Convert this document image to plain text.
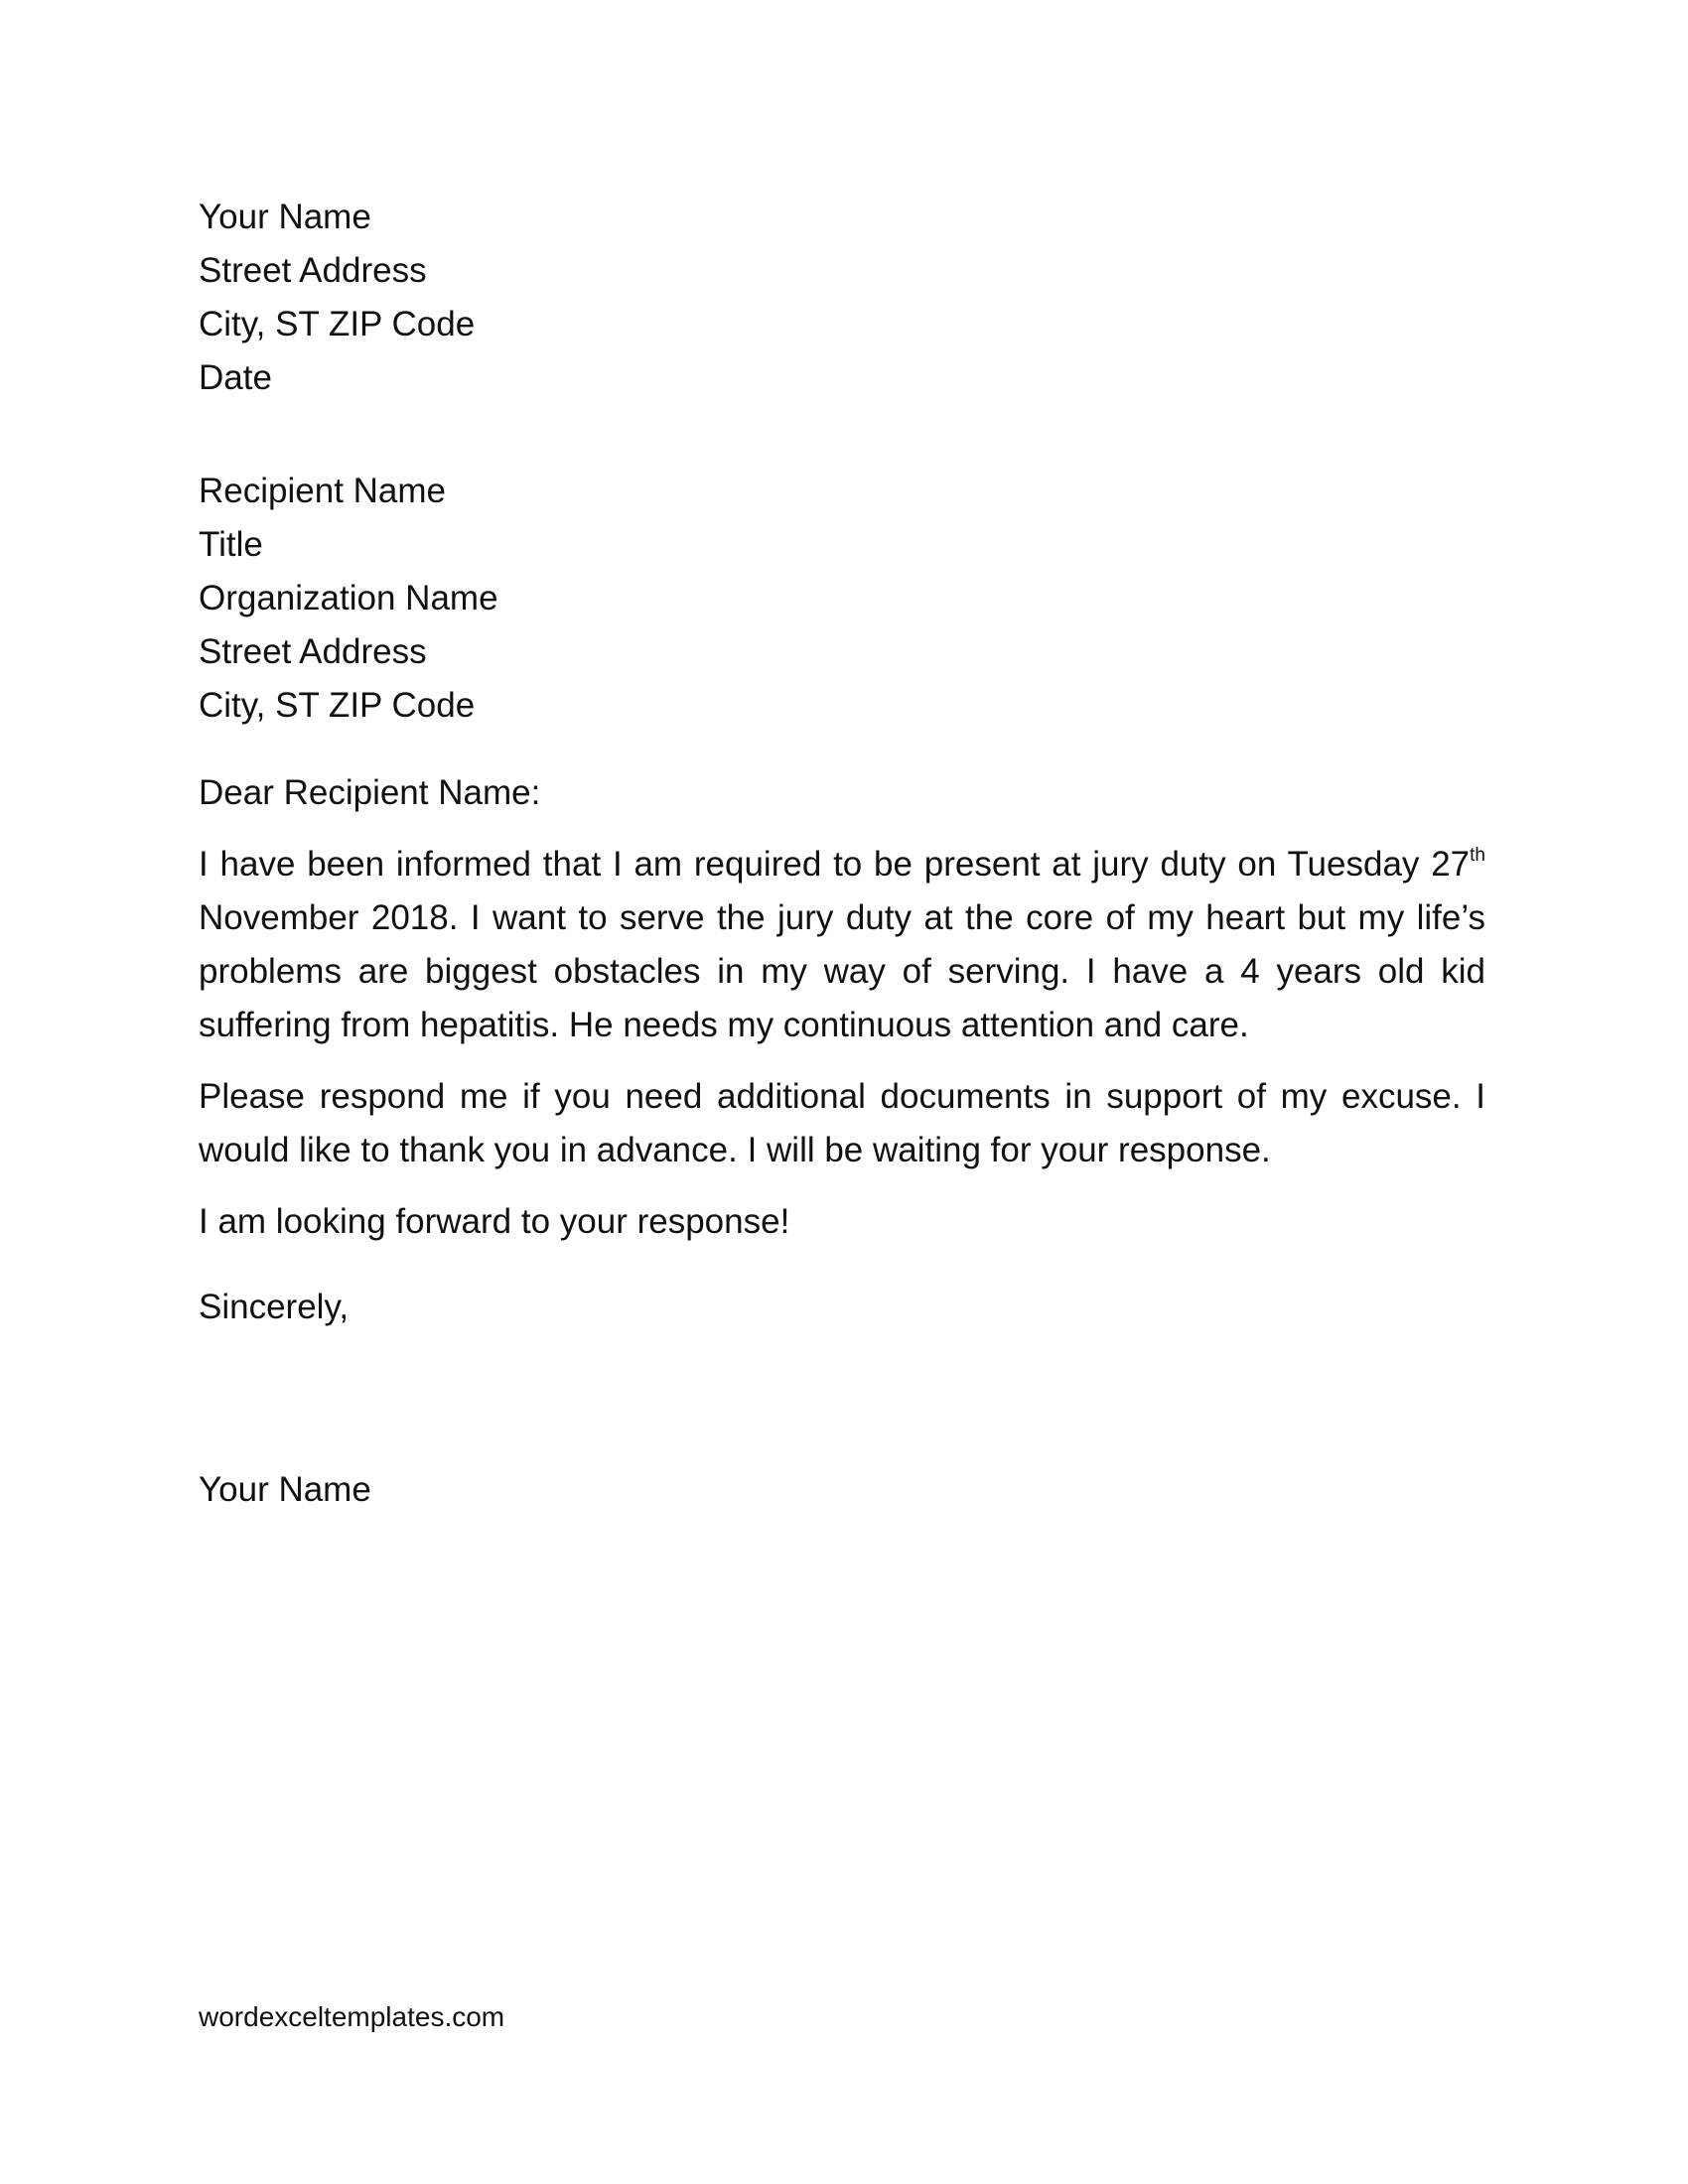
Your Name
Street Address
City, ST ZIP Code
Date
Recipient Name
Title
Organization Name
Street Address
City, ST ZIP Code
Dear Recipient Name:

I have been informed that I am required to be present at jury duty on Tuesday 27th November 2018. I want to serve the jury duty at the core of my heart but my life’s problems are biggest obstacles in my way of serving. I have a 4 years old kid suffering from hepatitis. He needs my continuous attention and care.

Please respond me if you need additional documents in support of my excuse. I would like to thank you in advance. I will be waiting for your response.

I am looking forward to your response!

Sincerely,
Your Name
wordexceltemplates.com
